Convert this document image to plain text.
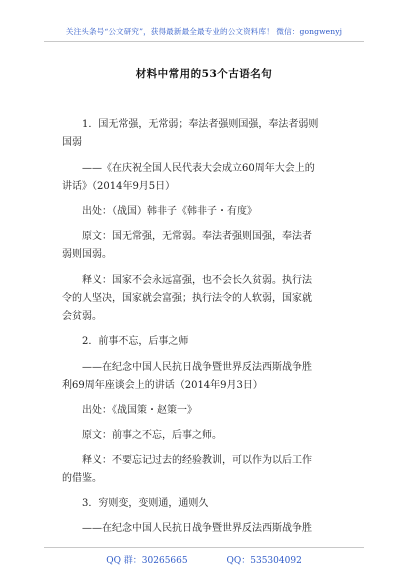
关注头条号“公文研究”，获得最新最全最专业的公文资料库！ 微信：gongwenyj
材料中常用的53个古语名句
1．国无常强，无常弱；奉法者强则国强，奉法者弱则
国弱
——《在庆祝全国人民代表大会成立60周年大会上的
讲话》（2014年9月5日）
出处：（战国）韩非子《韩非子・有度》
原文：国无常强，无常弱。奉法者强则国强，奉法者
弱则国弱。
释义：国家不会永远富强，也不会长久贫弱。执行法
令的人坚决，国家就会富强；执行法令的人软弱，国家就
会贫弱。
2．前事不忘，后事之师
——在纪念中国人民抗日战争暨世界反法西斯战争胜
利69周年座谈会上的讲话（2014年9月3日）
出处：《战国策・赵策一》
原文：前事之不忘，后事之师。
释义：不要忘记过去的经验教训，可以作为以后工作
的借鉴。
3．穷则变，变则通，通则久
——在纪念中国人民抗日战争暨世界反法西斯战争胜
QQ 群：30265665	QQ：535304092
